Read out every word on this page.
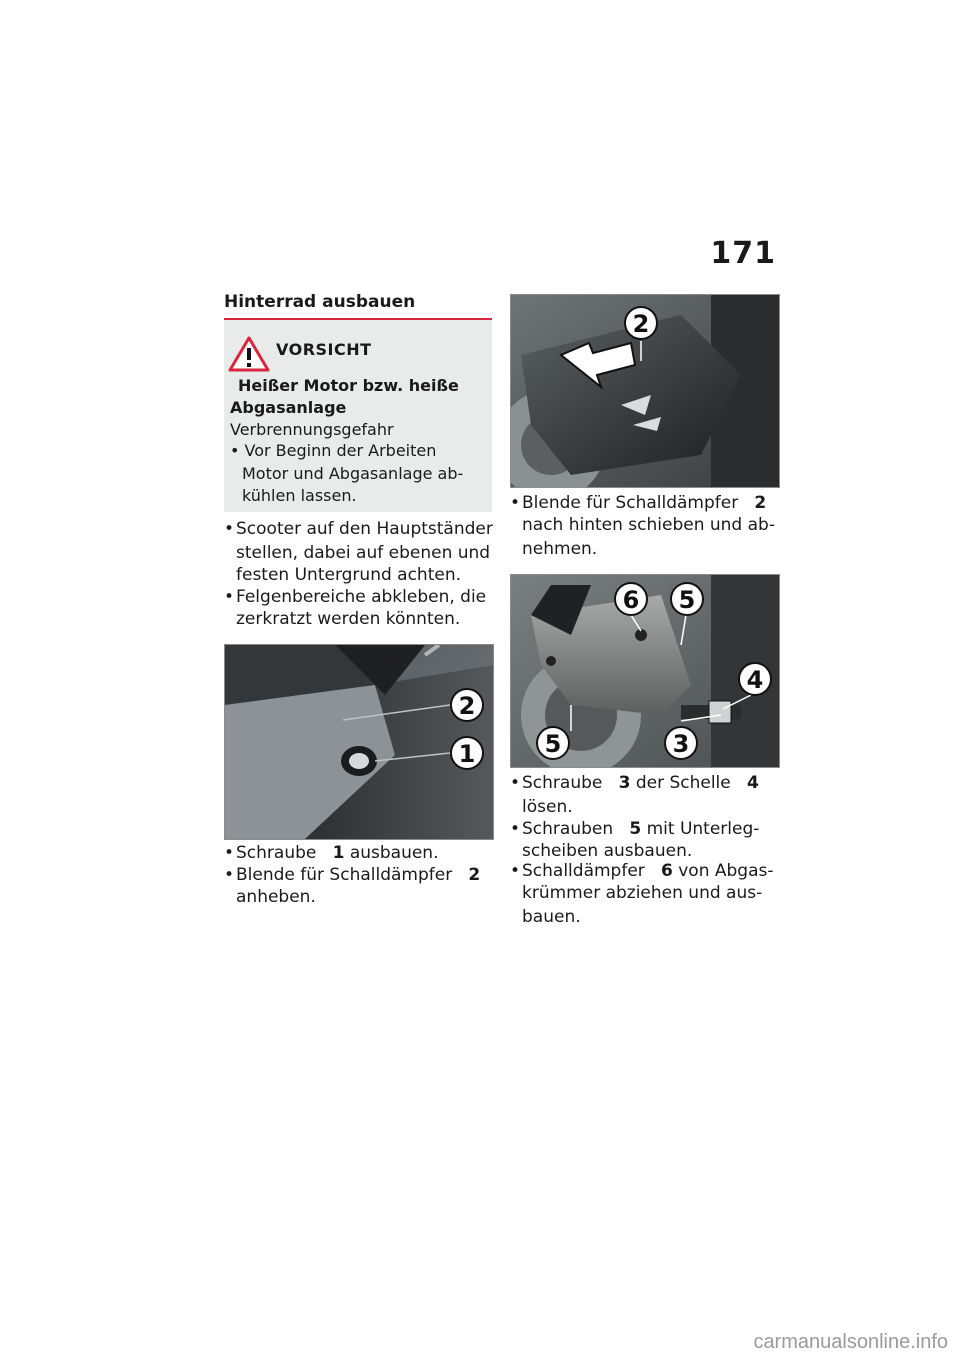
171
Hinterrad ausbauen
VORSICHT
Heißer Motor bzw. heiße
Abgasanlage
Verbrennungsgefahr
• Vor Beginn der Arbeiten
Motor und Abgasanlage ab-
kühlen lassen.
• Scooter auf den Hauptständer
stellen, dabei auf ebenen und
festen Untergrund achten.
• Felgenbereiche abkleben, die
zerkratzt werden könnten.
2
1
• Schraube 1 ausbauen.
• Blende für Schalldämpfer 2
anheben.
2
• Blende für Schalldämpfer 2
nach hinten schieben und ab-
nehmen.
6 5
4
5	3
• Schraube 3 der Schelle 4
lösen.
• Schrauben 5 mit Unterleg-
scheiben ausbauen.
• Schalldämpfer 6 von Abgas-
krümmer abziehen und aus-
bauen.
carmanualsonline.info
